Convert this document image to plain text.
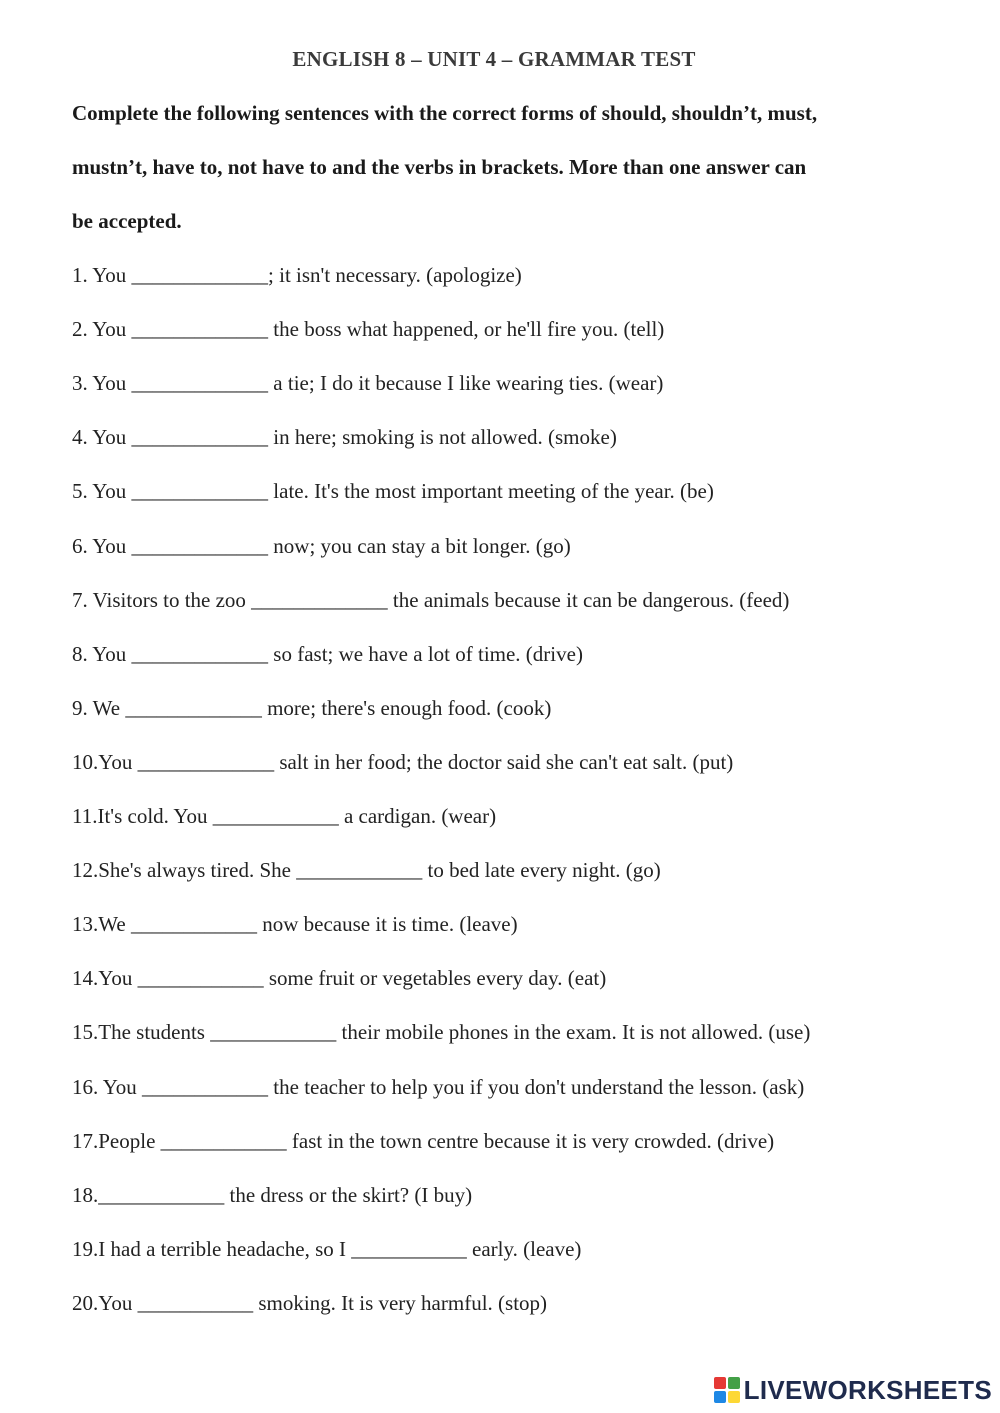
ENGLISH 8 – UNIT 4 – GRAMMAR TEST
Complete the following sentences with the correct forms of should, shouldn’t, must,
mustn’t, have to, not have to and the verbs in brackets. More than one answer can
be accepted.
1. You _____________; it isn't necessary. (apologize)
2. You _____________ the boss what happened, or he'll fire you. (tell)
3. You _____________ a tie; I do it because I like wearing ties. (wear)
4. You _____________ in here; smoking is not allowed. (smoke)
5. You _____________ late. It's the most important meeting of the year. (be)
6. You _____________ now; you can stay a bit longer. (go)
7. Visitors to the zoo _____________ the animals because it can be dangerous. (feed)
8. You _____________ so fast; we have a lot of time. (drive)
9. We _____________ more; there's enough food. (cook)
10.You _____________ salt in her food; the doctor said she can't eat salt. (put)
11.It's cold. You ____________ a cardigan. (wear)
12.She's always tired. She ____________ to bed late every night. (go)
13.We ____________ now because it is time. (leave)
14.You ____________ some fruit or vegetables every day. (eat)
15.The students ____________ their mobile phones in the exam. It is not allowed. (use)
16. You ____________ the teacher to help you if you don't understand the lesson. (ask)
17.People ____________ fast in the town centre because it is very crowded. (drive)
18.____________ the dress or the skirt? (I buy)
19.I had a terrible headache, so I ___________ early. (leave)
20.You ___________ smoking. It is very harmful. (stop)
LIVEWORKSHEETS
